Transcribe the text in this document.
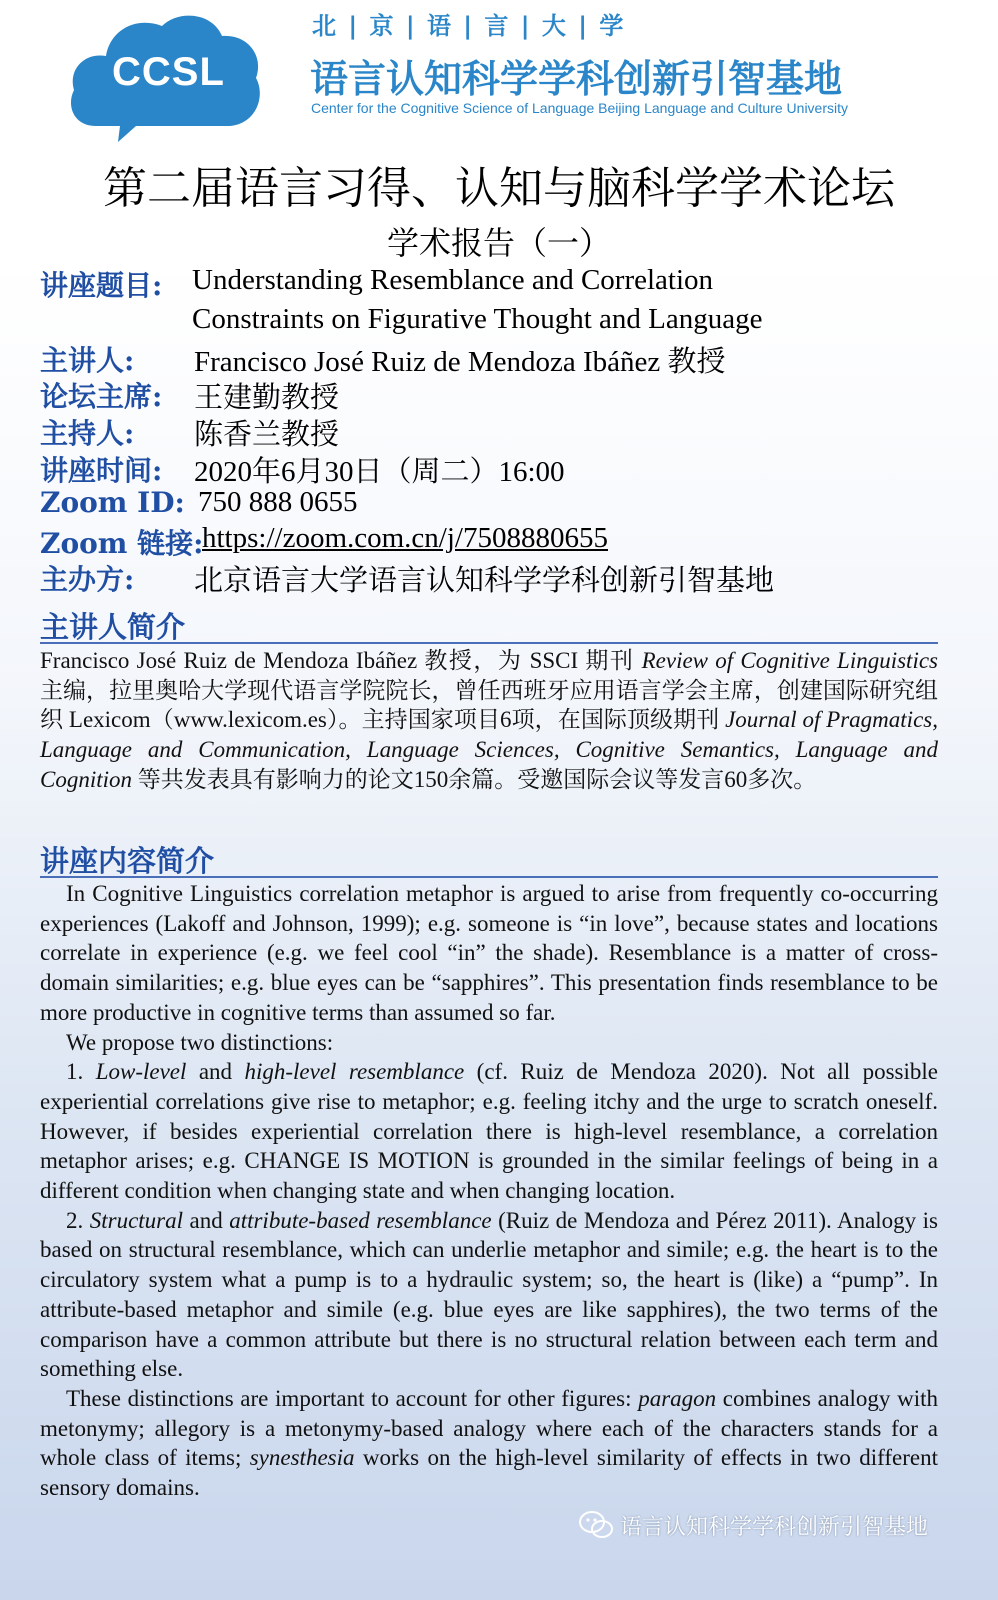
CCSL
北 | 京 | 语 | 言 | 大 | 学
语言认知科学学科创新引智基地
Center for the Cognitive Science of Language Beijing Language and Culture University
第二届语言习得、认知与脑科学学术论坛
学术报告（一）
讲座题目: Understanding Resemblance and Correlation
Constraints on Figurative Thought and Language
主讲人: Francisco José Ruiz de Mendoza Ibáñez 教授
论坛主席: 王建勤教授
主持人: 陈香兰教授
讲座时间: 2020年6月30日（周二）16:00
Zoom ID: 750 888 0655
Zoom 链接:
https://zoom.com.cn/j/7508880655
主办方: 北京语言大学语言认知科学学科创新引智基地
主讲人简介

Francisco José Ruiz de Mendoza Ibáñez 教授，为 SSCI 期刊 Review of Cognitive Linguistics 主编，拉里奥哈大学现代语言学院院长，曾任西班牙应用语言学会主席，创建国际研究组织 Lexicom（www.lexicom.es）。主持国家项目6项，在国际顶级期刊 Journal of Pragmatics, Language and Communication, Language Sciences, Cognitive Semantics, Language and Cognition 等共发表具有影响力的论文150余篇。受邀国际会议等发言60多次。

讲座内容简介

In Cognitive Linguistics correlation metaphor is argued to arise from frequently co-occurring experiences (Lakoff and Johnson, 1999); e.g. someone is “in love”, because states and locations correlate in experience (e.g. we feel cool “in” the shade). Resemblance is a matter of cross-domain similarities; e.g. blue eyes can be “sapphires”. This presentation finds resemblance to be more productive in cognitive terms than assumed so far.

We propose two distinctions:

1. Low-level and high-level resemblance (cf. Ruiz de Mendoza 2020). Not all possible experiential correlations give rise to metaphor; e.g. feeling itchy and the urge to scratch oneself. However, if besides experiential correlation there is high-level resemblance, a correlation metaphor arises; e.g. CHANGE IS MOTION is grounded in the similar feelings of being in a different condition when changing state and when changing location.

2. Structural and attribute-based resemblance (Ruiz de Mendoza and Pérez 2011). Analogy is based on structural resemblance, which can underlie metaphor and simile; e.g. the heart is to the circulatory system what a pump is to a hydraulic system; so, the heart is (like) a “pump”. In attribute-based metaphor and simile (e.g. blue eyes are like sapphires), the two terms of the comparison have a common attribute but there is no structural relation between each term and something else.

These distinctions are important to account for other figures: paragon combines analogy with metonymy; allegory is a metonymy-based analogy where each of the characters stands for a whole class of items; synesthesia works on the high-level similarity of effects in two different sensory domains.

语言认知科学学科创新引智基地
